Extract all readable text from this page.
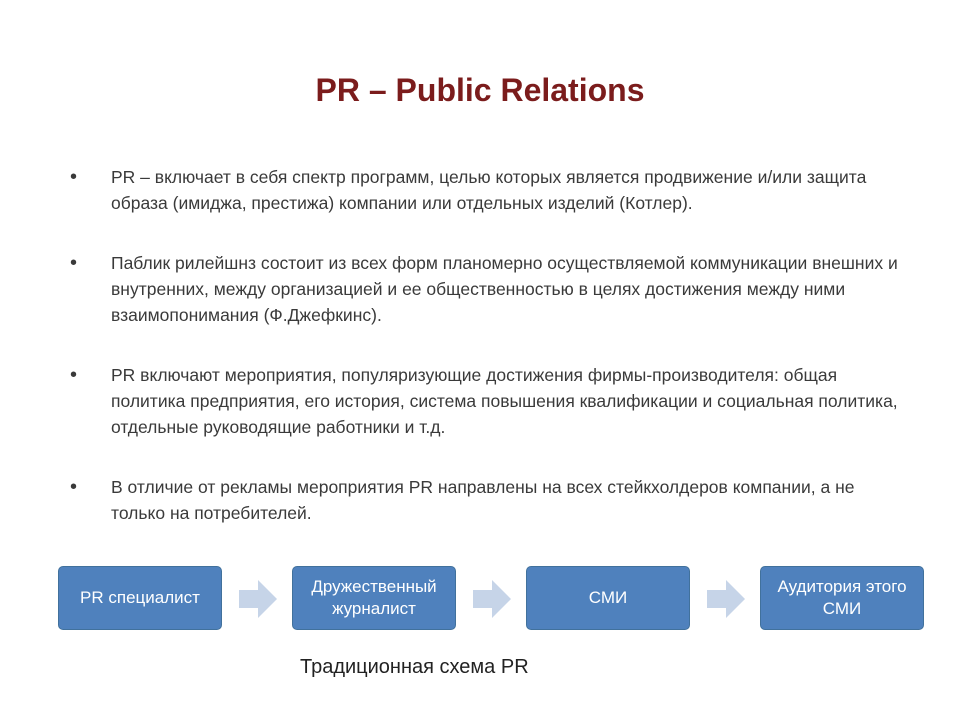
PR – Public Relations
• PR – включает в себя спектр программ, целью которых является продвижение и/или защита образа (имиджа, престижа) компании или отдельных изделий (Котлер).
• Паблик рилейшнз состоит из всех форм планомерно осуществляемой коммуникации внешних и внутренних, между организацией и ее общественностью в целях достижения между ними взаимопонимания (Ф.Джефкинс).
• PR включают мероприятия, популяризующие достижения фирмы-производителя: общая политика предприятия, его история, система повышения квалификации и социальная политика, отдельные руководящие работники и т.д.
• В отличие от рекламы мероприятия PR направлены на всех стейкхолдеров компании, а не только на потребителей.
PR специалист
Дружественный журналист
СМИ
Аудитория этого СМИ
Традиционная схема PR
